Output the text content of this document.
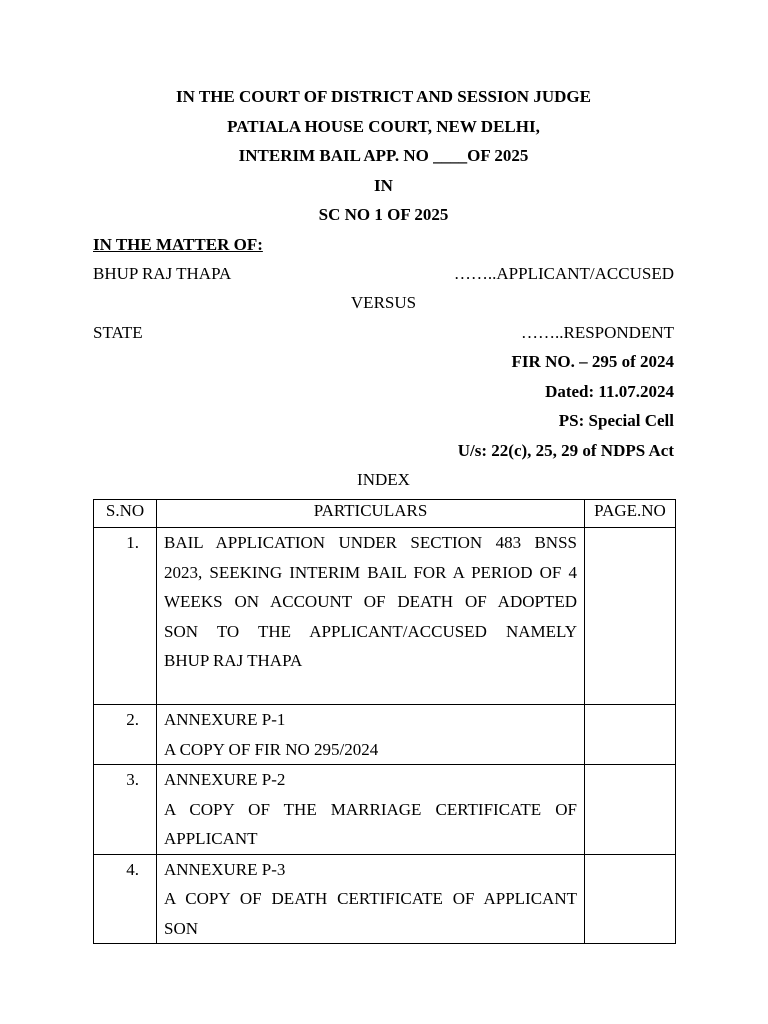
IN THE COURT OF DISTRICT AND SESSION JUDGE
PATIALA HOUSE COURT, NEW DELHI,
INTERIM BAIL APP. NO ____OF 2025
IN
SC NO 1 OF 2025
IN THE MATTER OF:
BHUP RAJ THAPA	……..APPLICANT/ACCUSED
VERSUS
STATE	……..RESPONDENT
FIR NO. – 295 of 2024
Dated: 11.07.2024
PS: Special Cell
U/s: 22(c), 25, 29 of NDPS Act
INDEX
S.NO	PARTICULARS	PAGE.NO
1.	BAIL APPLICATION UNDER SECTION 483 BNSS
2023, SEEKING INTERIM BAIL FOR A PERIOD OF 4
WEEKS ON ACCOUNT OF DEATH OF ADOPTED
SON TO THE APPLICANT/ACCUSED NAMELY
BHUP RAJ THAPA	

2.	ANNEXURE P-1
A COPY OF FIR NO 295/2024	

3.	ANNEXURE P-2
A COPY OF THE MARRIAGE CERTIFICATE OF
APPLICANT	

4.	ANNEXURE P-3
A COPY OF DEATH CERTIFICATE OF APPLICANT
SON	
